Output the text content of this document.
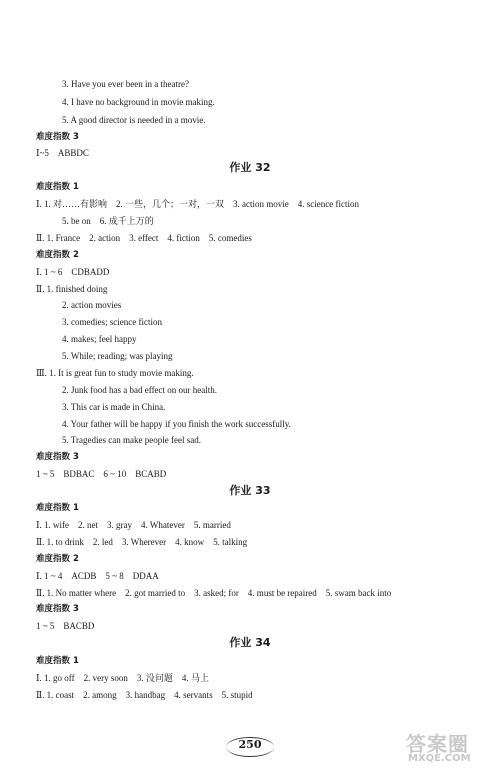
3. Have you ever been in a theatre?
4. I have no background in movie making.
5. A good director is needed in a movie.
难度指数 3
Ⅰ~5　ABBDC
作业 32
难度指数 1
Ⅰ. 1. 对……有影响　2. 一些，几个；一对，一双　3. action movie　4. science fiction
5. be on　6. 成千上万的
Ⅱ. 1. France　2. action　3. effect　4. fiction　5. comedies
难度指数 2
Ⅰ. 1 ~ 6　CDBADD
Ⅱ. 1. finished doing
2. action movies
3. comedies; science fiction
4. makes; feel happy
5. While; reading; was playing
Ⅲ. 1. It is great fun to study movie making.
2. Junk food has a bad effect on our health.
3. This car is made in China.
4. Your father will be happy if you finish the work successfully.
5. Tragedies can make people feel sad.
难度指数 3
1 ~ 5　BDBAC　6 ~ 10　BCABD
作业 33
难度指数 1
Ⅰ. 1. wife　2. net　3. gray　4. Whatever　5. married
Ⅱ. 1. to drink　2. led　3. Wherever　4. know　5. talking
难度指数 2
Ⅰ. 1 ~ 4　ACDB　5 ~ 8　DDAA
Ⅱ. 1. No matter where　2. got married to　3. asked; for　4. must be repaired　5. swam back into
难度指数 3
1 ~ 5　BACBD
作业 34
难度指数 1
Ⅰ. 1. go off　2. very soon　3. 没问题　4. 马上
Ⅱ. 1. coast　2. among　3. handbag　4. servants　5. stupid
250	答案圈
MXQE.COM
